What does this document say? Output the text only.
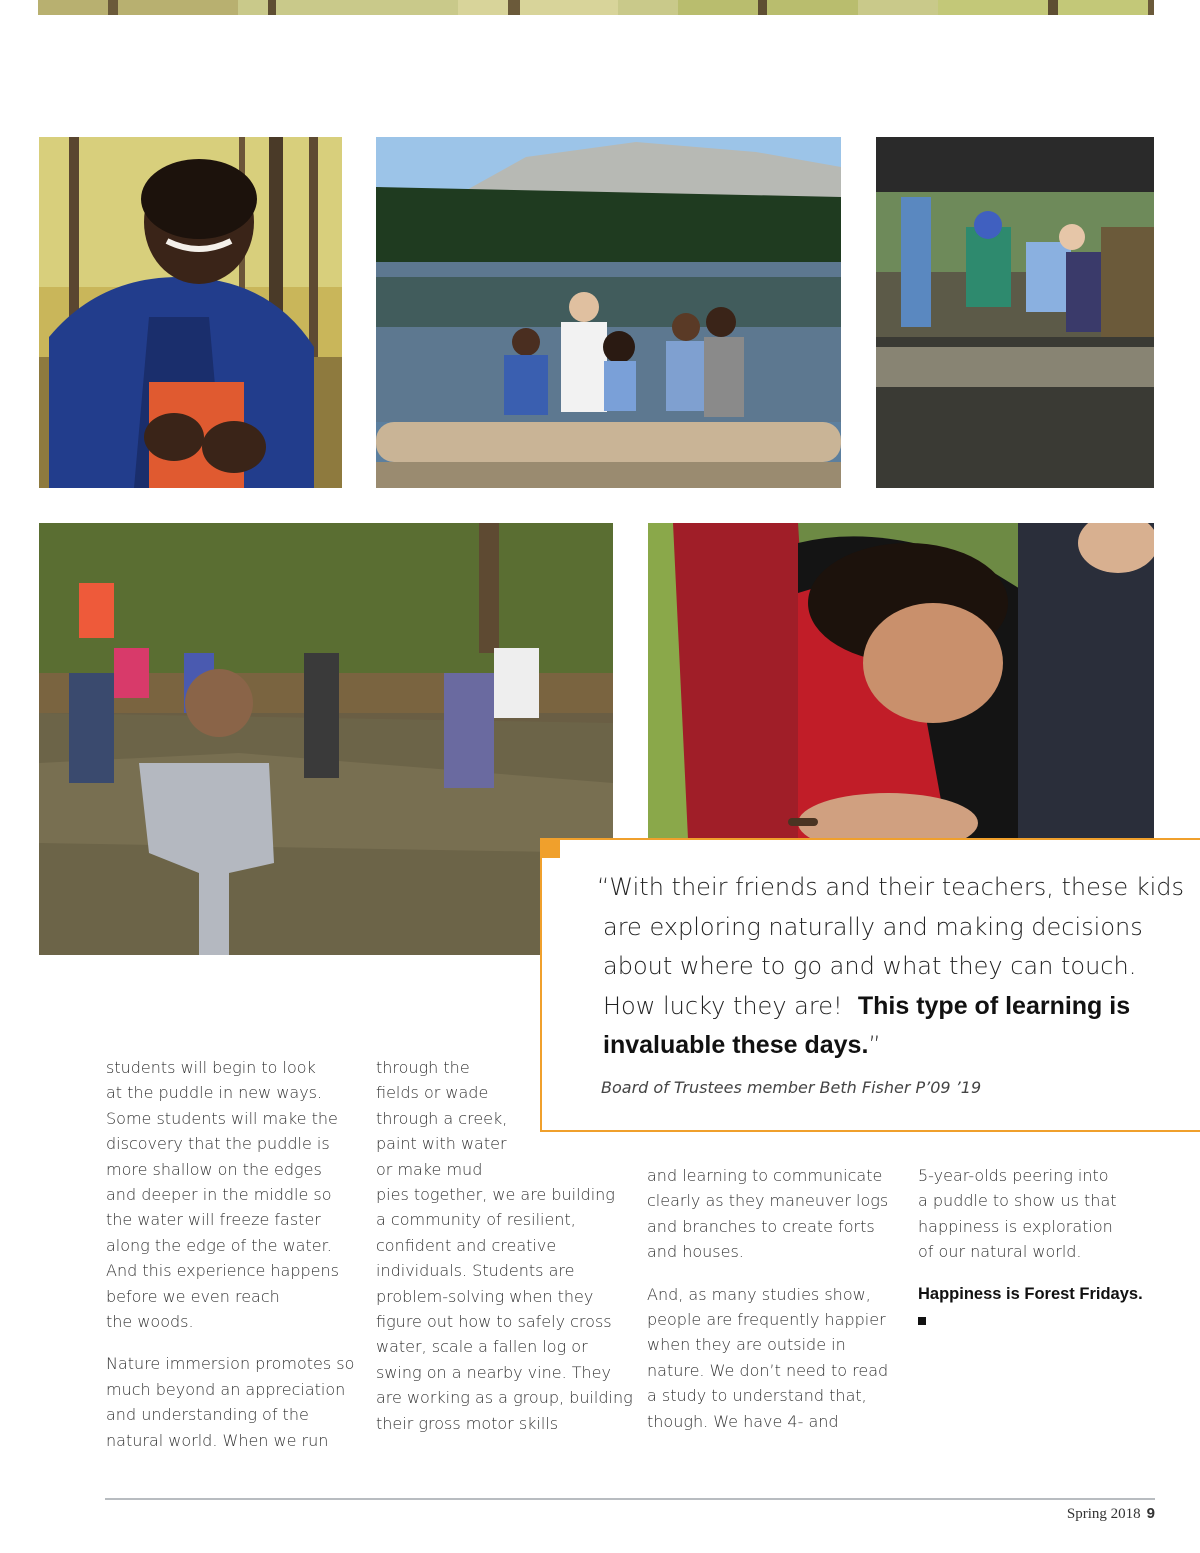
“With their friends and their teachers, these kids
are exploring naturally and making decisions
about where to go and what they can touch.
How lucky they are! This type of learning is
invaluable these days.”
Board of Trustees member Beth Fisher P’09 ’19

students will begin to look
at the puddle in new ways.
Some students will make the
discovery that the puddle is
more shallow on the edges
and deeper in the middle so
the water will freeze faster
along the edge of the water.
And this experience happens
before we even reach
the woods.

Nature immersion promotes so
much beyond an appreciation
and understanding of the
natural world. When we run

through the
fields or wade
through a creek,
paint with water
or make mud
pies together, we are building
a community of resilient,
confident and creative
individuals. Students are
problem-solving when they
figure out how to safely cross
water, scale a fallen log or
swing on a nearby vine. They
are working as a group, building
their gross motor skills

and learning to communicate
clearly as they maneuver logs
and branches to create forts
and houses.

And, as many studies show,
people are frequently happier
when they are outside in
nature. We don’t need to read
a study to understand that,
though. We have 4- and

5-year-olds peering into
a puddle to show us that
happiness is exploration
of our natural world.

Happiness is Forest Fridays.

Spring 2018 9
